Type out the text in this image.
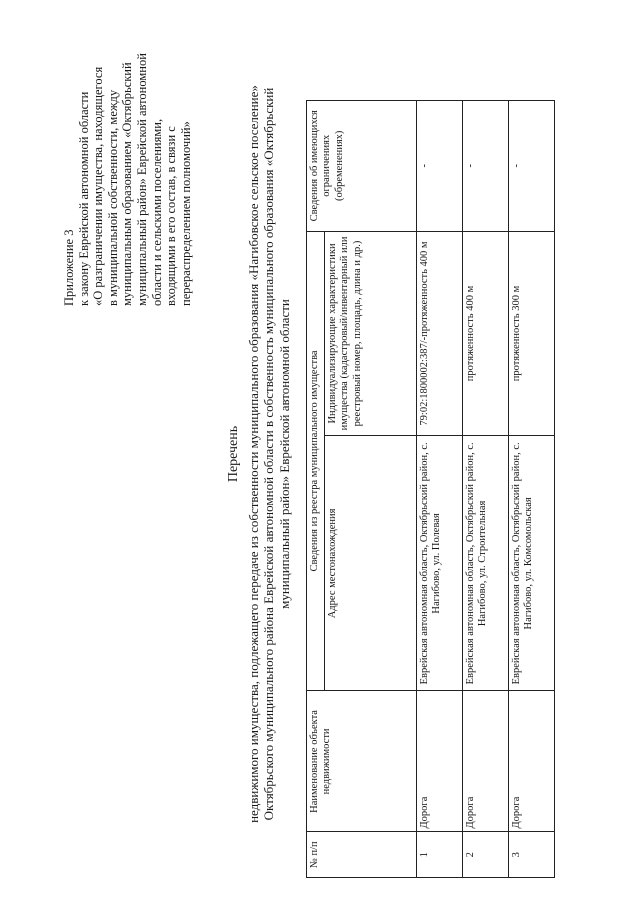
Приложение 3 к закону Еврейской автономной области «О разграничении имущества, находящегося в муниципальной собственности, между муниципальным образованием «Октябрьский муниципальный район» Еврейской автономной области и сельскими поселениями, входящими в его состав, в связи с перераспределением полномочий»
Перечень недвижимого имущества, подлежащего передаче из собственности муниципального образования «Нагибовское сельское поселение» Октябрьского муниципального района Еврейской автономной области в собственность муниципального образования «Октябрьский муниципальный район» Еврейской автономной области
№ п/п	Наименование объекта недвижимости	Сведения из реестра муниципального имущества		Сведения об имеющихся ограничениях (обременениях)
		Адрес местонахождения	Индивидуализирующие характеристики имущества (кадастровый/инвентарный или реестровый номер, площадь, длина и др.)	
1	Дорога	Еврейская автономная область, Октябрьский район, с. Нагибово, ул. Полевая	79:02:1800002:387/-протяженность 400 м	-
2	Дорога	Еврейская автономная область, Октябрьский район, с. Нагибово, ул. Строительная	протяженность 400 м	-
3	Дорога	Еврейская автономная область, Октябрьский район, с. Нагибово, ул. Комсомольская	протяженность 300 м	-
